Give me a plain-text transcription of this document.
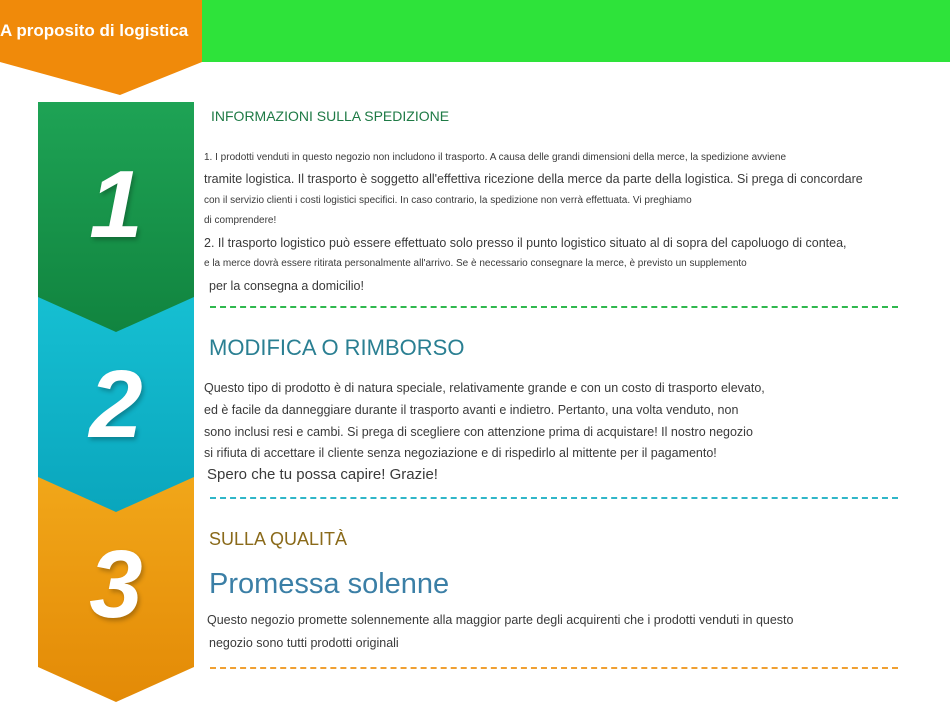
A proposito di logistica
1
2
3
INFORMAZIONI SULLA SPEDIZIONE
1. I prodotti venduti in questo negozio non includono il trasporto. A causa delle grandi dimensioni della merce, la spedizione avviene
tramite logistica. Il trasporto è soggetto all'effettiva ricezione della merce da parte della logistica. Si prega di concordare
con il servizio clienti i costi logistici specifici. In caso contrario, la spedizione non verrà effettuata. Vi preghiamo
di comprendere!
2. Il trasporto logistico può essere effettuato solo presso il punto logistico situato al di sopra del capoluogo di contea,
e la merce dovrà essere ritirata personalmente all'arrivo. Se è necessario consegnare la merce, è previsto un supplemento
per la consegna a domicilio!
MODIFICA O RIMBORSO
Questo tipo di prodotto è di natura speciale, relativamente grande e con un costo di trasporto elevato,
ed è facile da danneggiare durante il trasporto avanti e indietro. Pertanto, una volta venduto, non
sono inclusi resi e cambi. Si prega di scegliere con attenzione prima di acquistare! Il nostro negozio
si rifiuta di accettare il cliente senza negoziazione e di rispedirlo al mittente per il pagamento!
Spero che tu possa capire! Grazie!
SULLA QUALITÀ
Promessa solenne
Questo negozio promette solennemente alla maggior parte degli acquirenti che i prodotti venduti in questo
negozio sono tutti prodotti originali
